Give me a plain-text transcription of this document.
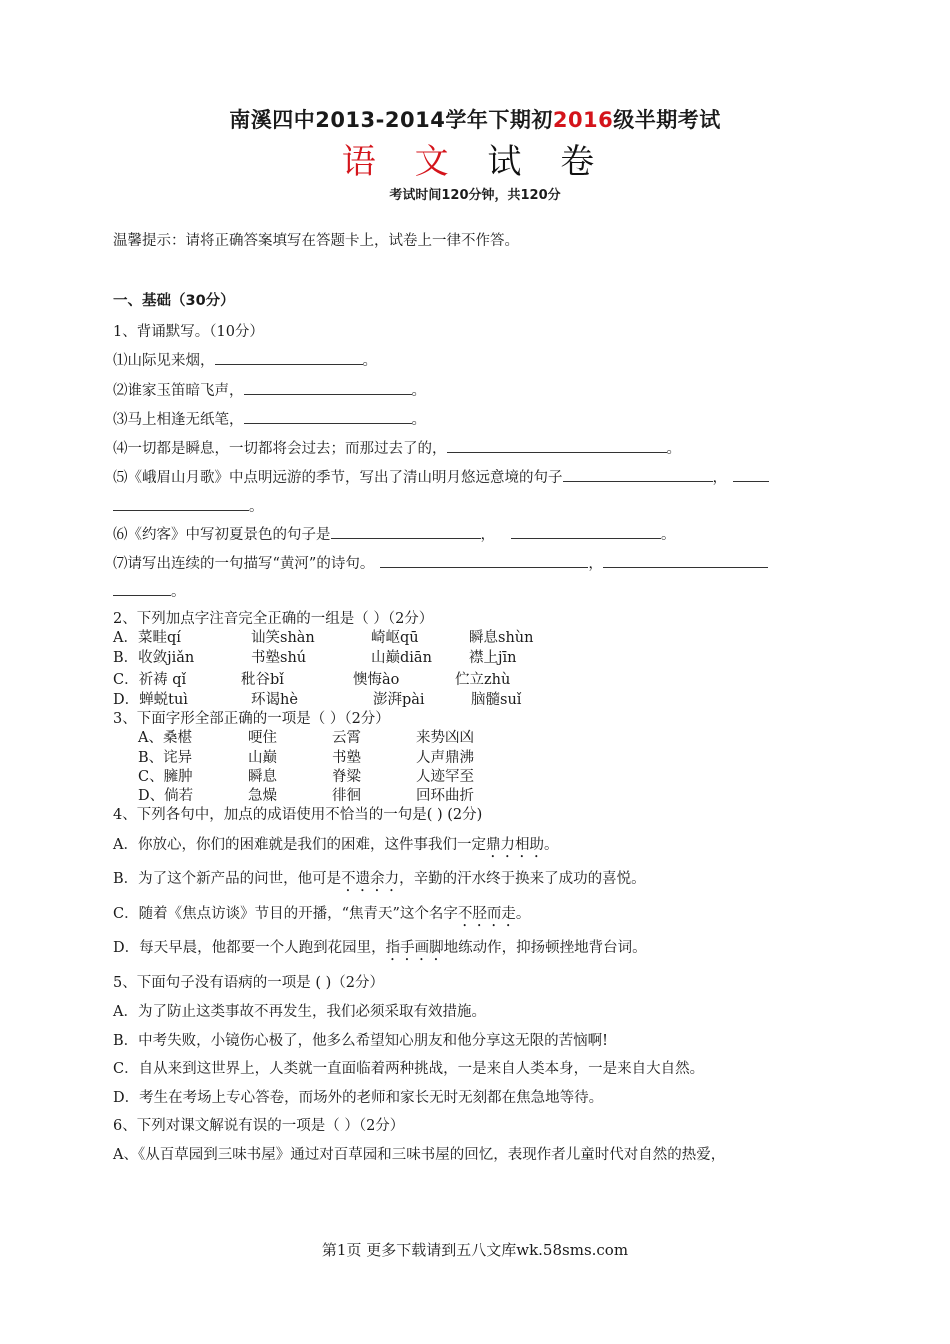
南溪四中2013-2014学年下期初2016级半期考试
语 文 试 卷
考试时间120分钟，共120分
温馨提示：请将正确答案填写在答题卡上，试卷上一律不作答。
一、基础（30分）
1、背诵默写。（10分）
⑴山际见来烟，	。
⑵谁家玉笛暗飞声，	。
⑶马上相逢无纸笔，	。
⑷一切都是瞬息，一切都将会过去；而那过去了的，	。
⑸《峨眉山月歌》中点明远游的季节，写出了清山明月悠远意境的句子	，
。
⑹《约客》中写初夏景色的句子是	，	。
⑺请写出连续的一句描写“黄河”的诗句。	，
。
2、下列加点字注音完全正确的一组是（ ）（2分）
A．菜畦qí	讪笑shàn	崎岖qū	瞬息shùn
B．收敛jiǎn	书塾shú	山巅diān	襟上jīn
C．祈祷 qǐ	秕谷bǐ	懊悔ào	伫立zhù
D．蝉蜕tuì	环谒hè	澎湃pài	脑髓suǐ
3、下面字形全部正确的一项是（ ）（2分）
A、桑椹	哽住	云霄	来势凶凶
B、诧异	山巅	书塾	人声鼎沸
C、臃肿	瞬息	脊粱	人迹罕至
D、倘若	急燥	徘徊	回环曲折
4、下列各句中，加点的成语使用不恰当的一句是( ) (2分)
A．你放心，你们的困难就是我们的困难，这件事我们一定鼎力相助。
B．为了这个新产品的问世，他可是不遗余力，辛勤的汗水终于换来了成功的喜悦。
C．随着《焦点访谈》节目的开播，“焦青天”这个名字不胫而走。
D．每天早晨，他都要一个人跑到花园里，指手画脚地练动作，抑扬顿挫地背台词。
5、下面句子没有语病的一项是 ( )（2分）
A．为了防止这类事故不再发生，我们必须采取有效措施。
B．中考失败，小镜伤心极了，他多么希望知心朋友和他分享这无限的苦恼啊!
C．自从来到这世界上，人类就一直面临着两种挑战，一是来自人类本身，一是来自大自然。
D．考生在考场上专心答卷，而场外的老师和家长无时无刻都在焦急地等待。
6、下列对课文解说有误的一项是（ ）（2分）
A、《从百草园到三味书屋》通过对百草园和三味书屋的回忆，表现作者儿童时代对自然的热爱，
第1页 更多下载请到五八文库wk.58sms.com
